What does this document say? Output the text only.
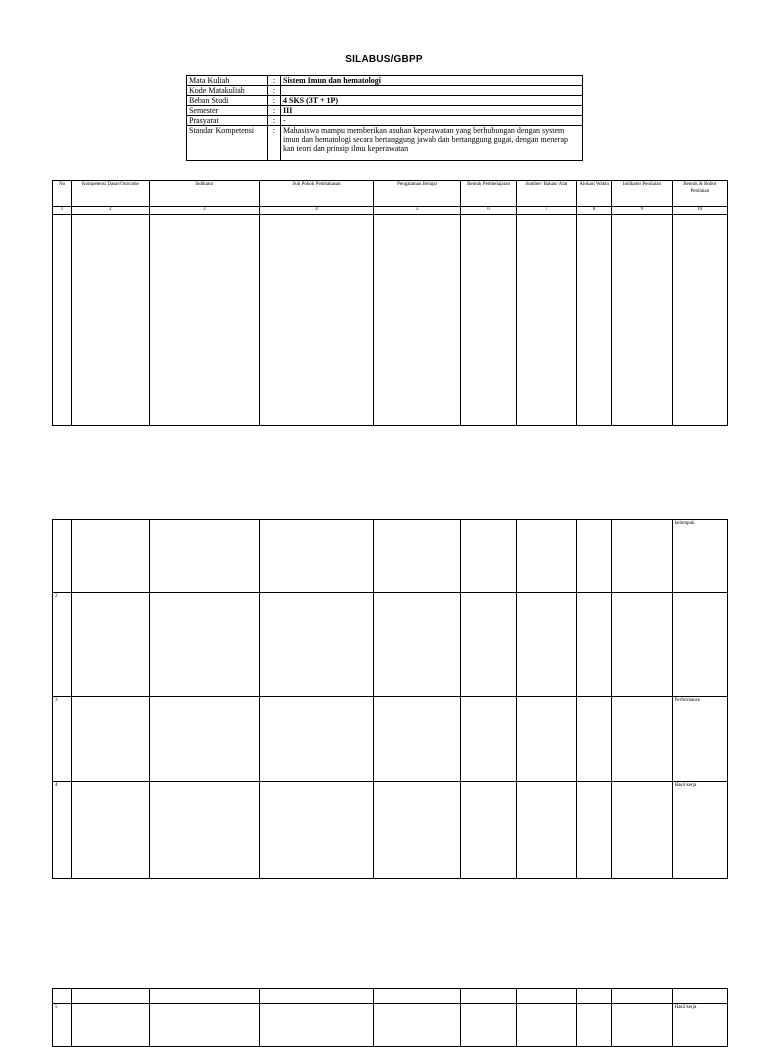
SILABUS/GBPP
Mata Kuliah	:	Sistem Imun dan hematologi
Kode Matakuliah	:	
Beban Studi	:	4 SKS (3T + 1P)
Semester	:	III
Prasyarat	:	-
Standar Kompetensi	:	Mahasiswa mampu memberikan asuhan keperawatan yang berhubungan dengan system imun dan hematologi secara bertanggung jawab dan bertanggung gugat, dengan menerap kan teori dan prinsip ilmu keperawatan
No	Kompetensi Dasar/Outcome	Indikator	Sub Pokok Pembahasan	Pengalaman Belajar	Bentuk Pembelajaran	Sumber/ Bahan/ Alat	Alokasi Waktu	Indikator Penilaian	Bentuk & Bobot Penilaian
1	2	3	4	5	6	7	8	9	10

									kelompok
2									
3									Performance
4									Hasil kerja

5									Hasil kerja
